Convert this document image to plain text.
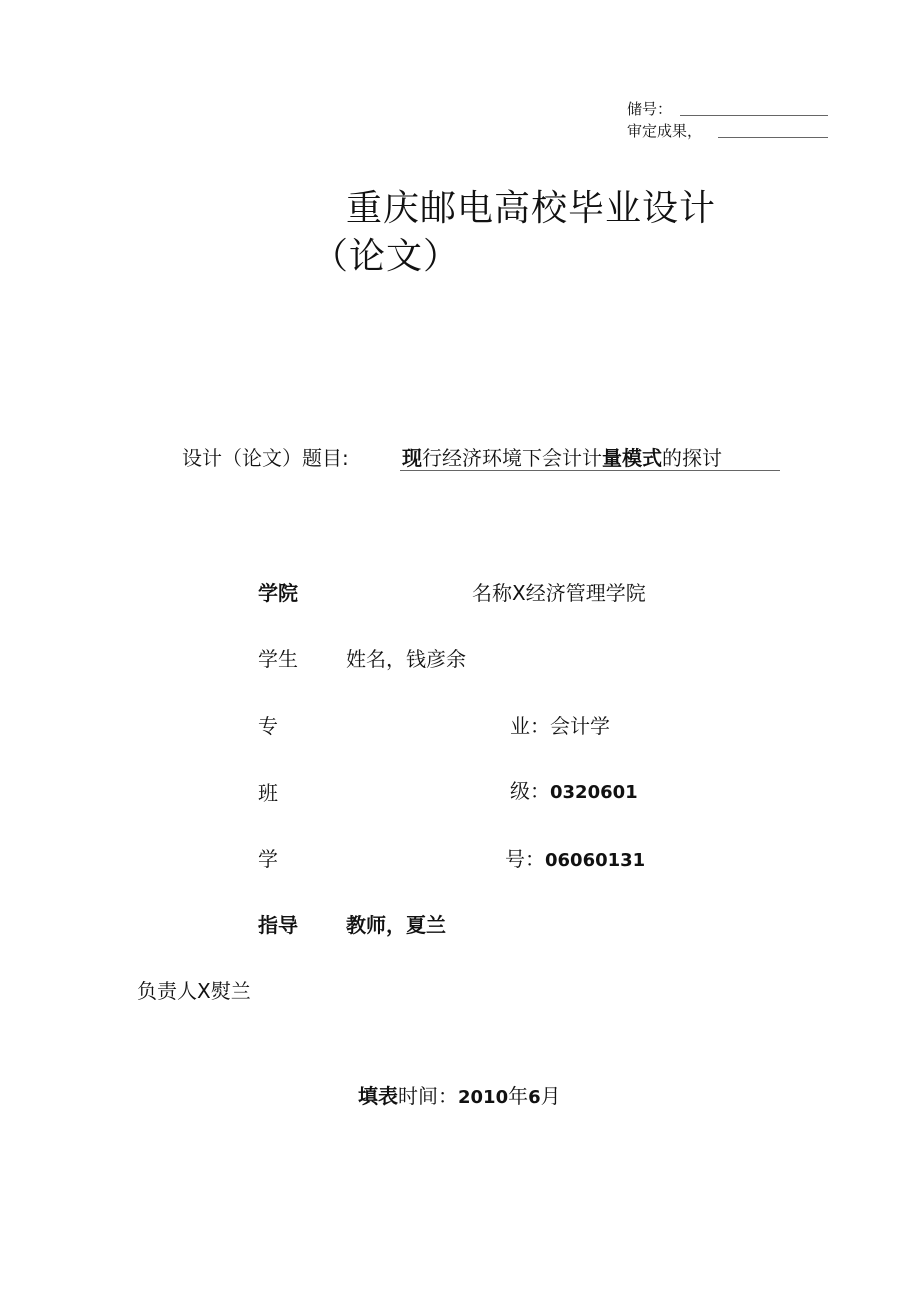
储号：
审定成果，
重庆邮电高校毕业设计
（论文）
设计（论文）题目:	现行经济环境下会计计量模式的探讨
学院	名称X经济管理学院
学生 姓名，钱彦余
专	业：会计学
班	级：0320601
学	号：06060131
指导 教师，夏兰
负责人X熨兰
填表时间：2010年6月
